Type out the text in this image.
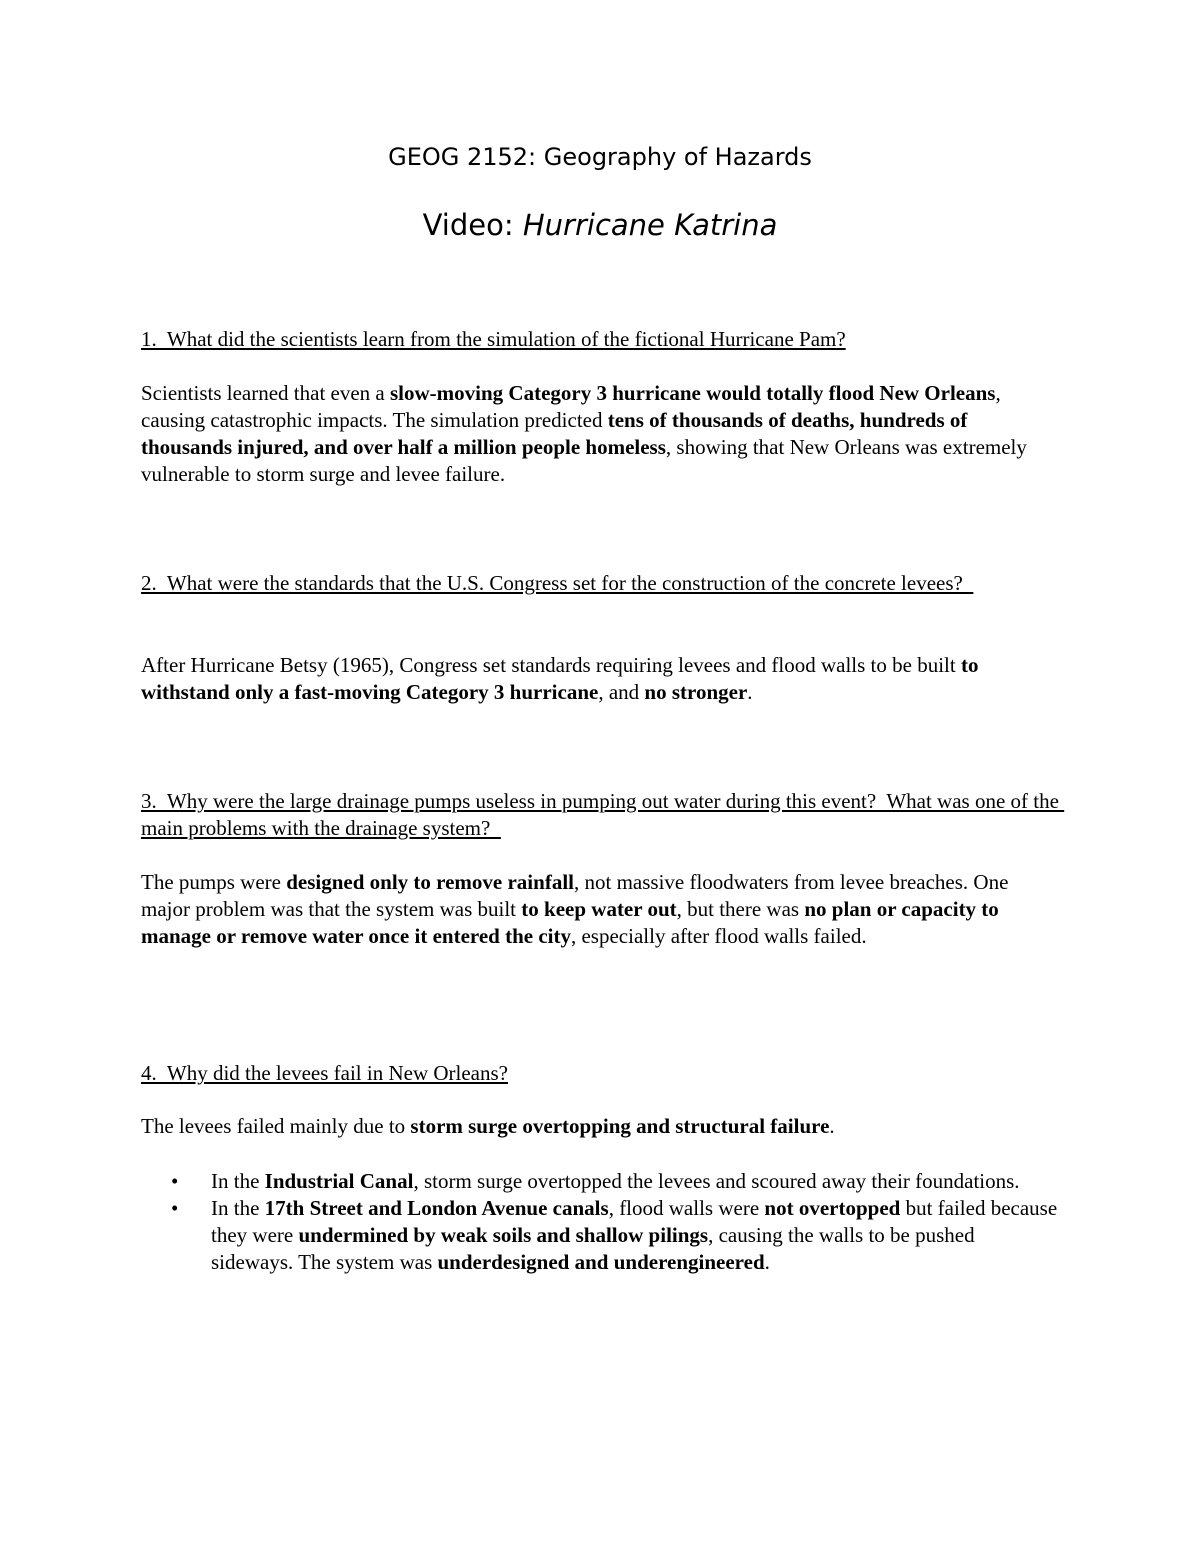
GEOG 2152: Geography of Hazards
Video: Hurricane Katrina
1.  What did the scientists learn from the simulation of the fictional Hurricane Pam?
Scientists learned that even a slow-moving Category 3 hurricane would totally flood New Orleans, causing catastrophic impacts. The simulation predicted tens of thousands of deaths, hundreds of thousands injured, and over half a million people homeless, showing that New Orleans was extremely vulnerable to storm surge and levee failure.
2.  What were the standards that the U.S. Congress set for the construction of the concrete levees?
After Hurricane Betsy (1965), Congress set standards requiring levees and flood walls to be built to withstand only a fast-moving Category 3 hurricane, and no stronger.
3.  Why were the large drainage pumps useless in pumping out water during this event?  What was one of the main problems with the drainage system?
The pumps were designed only to remove rainfall, not massive floodwaters from levee breaches. One major problem was that the system was built to keep water out, but there was no plan or capacity to manage or remove water once it entered the city, especially after flood walls failed.
4.  Why did the levees fail in New Orleans?
The levees failed mainly due to storm surge overtopping and structural failure.
• In the Industrial Canal, storm surge overtopped the levees and scoured away their foundations.
• In the 17th Street and London Avenue canals, flood walls were not overtopped but failed because they were undermined by weak soils and shallow pilings, causing the walls to be pushed sideways. The system was underdesigned and underengineered.
